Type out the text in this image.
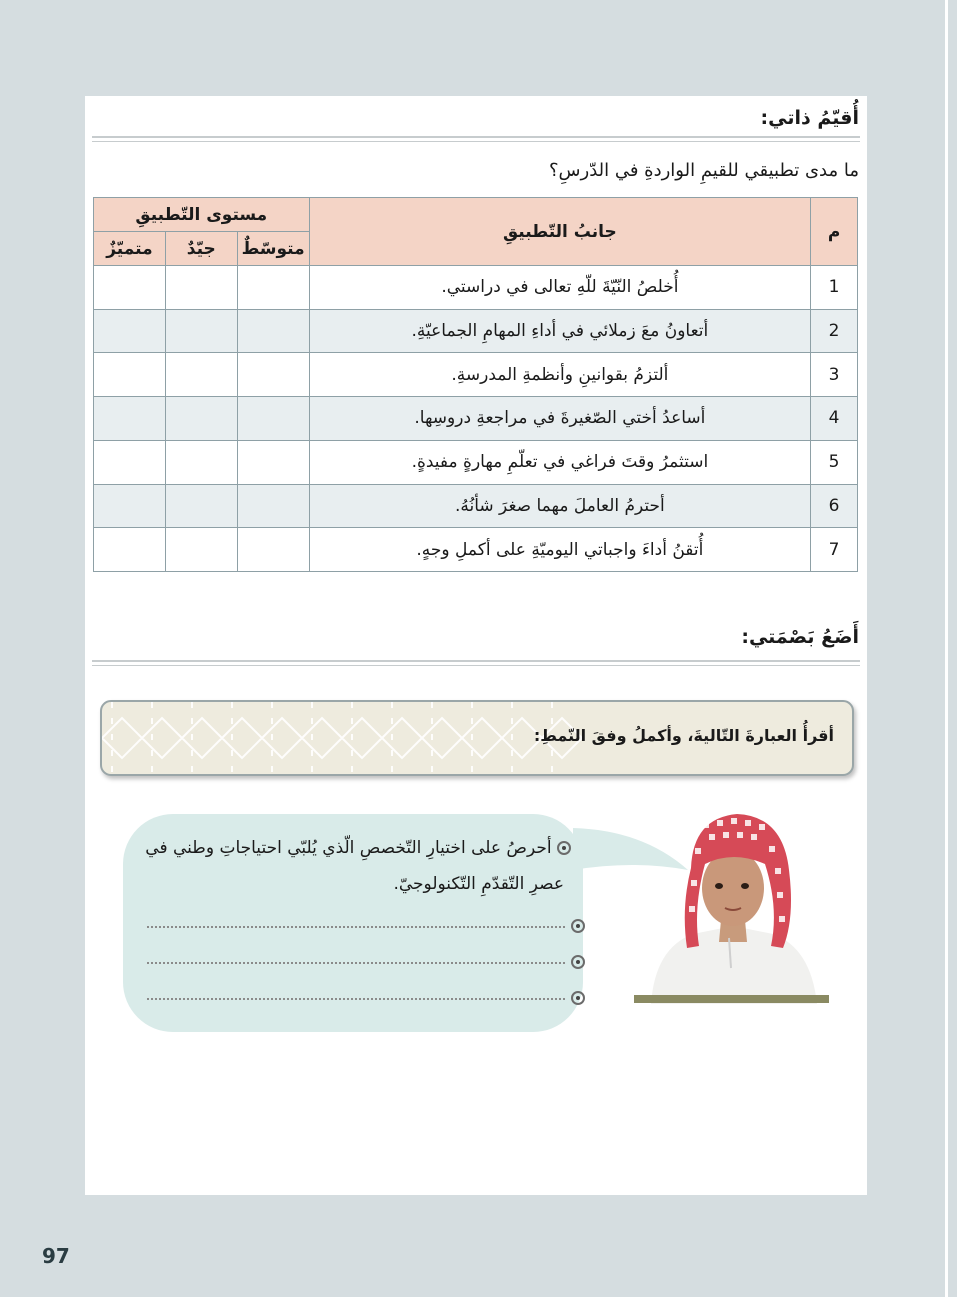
أُقيّمُ ذاتي:
ما مدى تطبيقي للقيمِ الواردةِ في الدّرسِ؟
م	جانبُ التّطبيقِ	مستوى التّطبيقِ		
		متوسّطٌ	جيّدٌ	متميّزٌ
1	أُخلصُ النّيّةَ للّهِ تعالى في دراستي.			
2	أتعاونُ معَ زملائي في أداءِ المهامِ الجماعيّةِ.			
3	ألتزمُ بقوانينِ وأنظمةِ المدرسةِ.			
4	أساعدُ أختي الصّغيرةَ في مراجعةِ دروسِها.			
5	استثمرُ وقتَ فراغي في تعلّمِ مهارةٍ مفيدةٍ.			
6	أحترمُ العاملَ مهما صغرَ شأنُهُ.			
7	أُتقنُ أداءَ واجباتي اليوميّةِ على أكملِ وجهٍ.			
أَضَعُ بَصْمَتي:
أقرأُ العبارةَ التّاليةَ، وأكملُ وفقَ النّمطِ:
أحرصُ على اختيارِ التّخصصِ الّذي يُلبّي احتياجاتِ وطني في
عصرِ التّقدّمِ التّكنولوجيّ.
97
